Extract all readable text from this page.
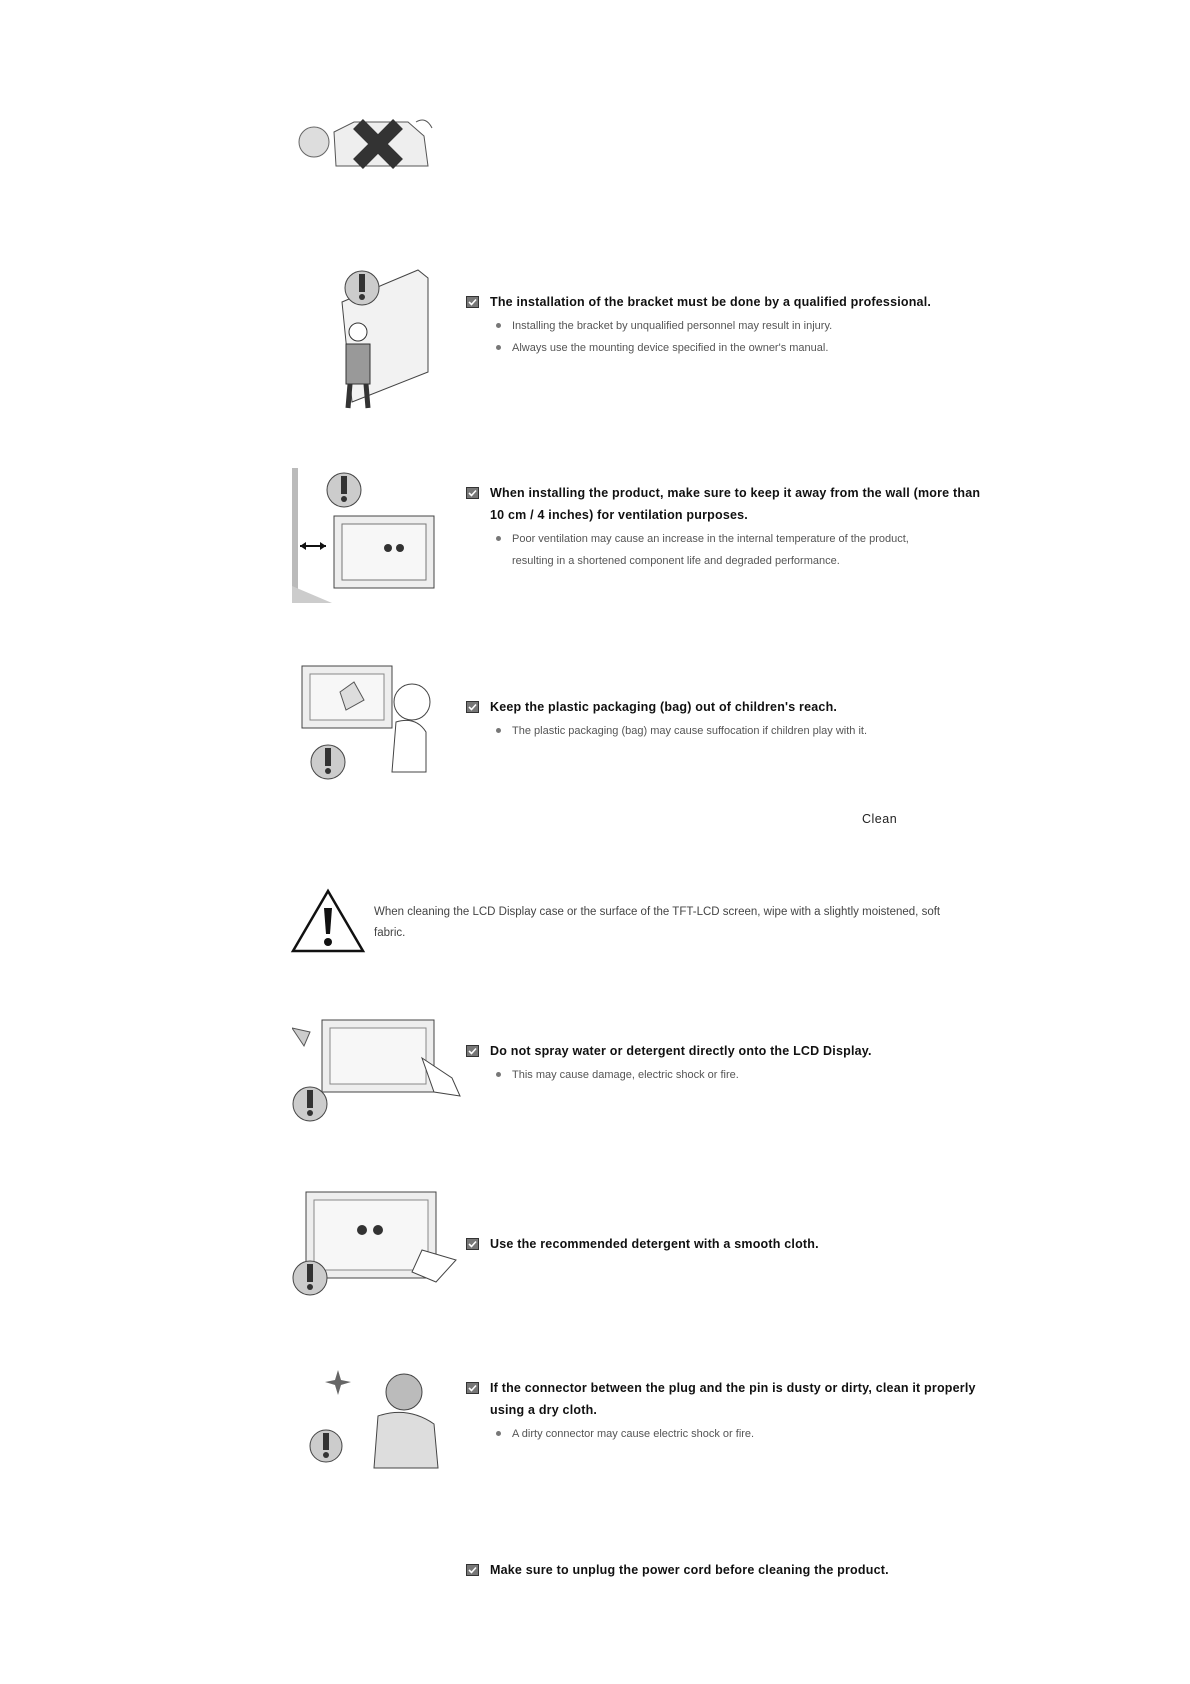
The installation of the bracket must be done by a qualified professional.
Installing the bracket by unqualified personnel may result in injury.
Always use the mounting device specified in the owner's manual.
When installing the product, make sure to keep it away from the wall (more than 10 cm / 4 inches) for ventilation purposes.
Poor ventilation may cause an increase in the internal temperature of the product, resulting in a shortened component life and degraded performance.
Keep the plastic packaging (bag) out of children's reach.
The plastic packaging (bag) may cause suffocation if children play with it.
Clean
When cleaning the LCD Display case or the surface of the TFT-LCD screen, wipe with a slightly moistened, soft fabric.
Do not spray water or detergent directly onto the LCD Display.
This may cause damage, electric shock or fire.
Use the recommended detergent with a smooth cloth.
If the connector between the plug and the pin is dusty or dirty, clean it properly using a dry cloth.
A dirty connector may cause electric shock or fire.
Make sure to unplug the power cord before cleaning the product.
